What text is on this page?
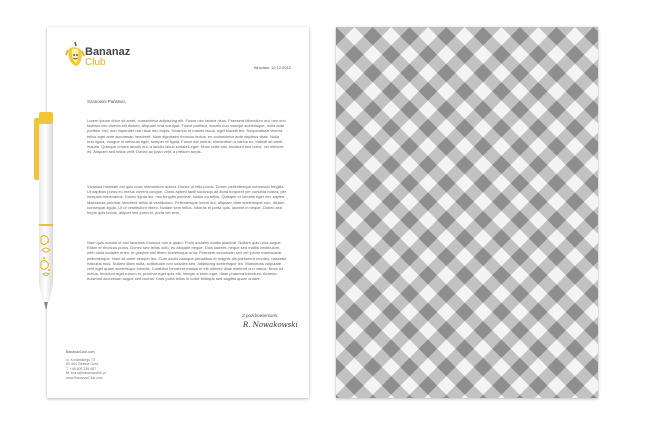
Bananaz
Club	Wrocław, 12.12.2012
Szanowni Państwo,
Lorem ipsum dolor sit amet, consectetur adipiscing elit. Fusce nec lacinia risus. Praesent bibendum orci nec orci facilisis nec viverra elit dictum. Aliquam erat volutpat. Fusce porttitor, mauris non suscipit scelerisque, nulla ante porttitor nisl, non imperdiet nisi risus nec turpis. Vivamus et mauris lacus, eget blandit leo. Suspendisse viverra tellus eget ante accumsan hendrerit. Nam dignissim rhoncus lectus, eu consectetur ante dapibus vitae. Nulla erat ligula, congue in vehicula eget, semper et ligula. Fusce est metus, elementum a varius eu, blandit sit amet mauris. Quisque ornare iaculis dui, a iaculis lacus sodales eget. Nunc nulla nisi, tincidunt sed tortor, vel ultricies mi. Aliquam sed tellus velit. Donec ac justo velit, a pretium turpis.
Vivamus molestie est quis nunc elementum auctor. Donec ut felis purus. Donec pellentesque commodo fringilla. Ut dapibus purus eu metus viverra congue. Class aptent taciti sociosqu ad litora torquent per conubia nostra, per inceptos himenaeos. Donec ligula leo, nec fringilla pulvinar, luctus eu tellus. Quisque et lobortis eget nec sapien. Maecenas pulvinar hendrerit tellus at vestibulum. Pellentesque lorem dui, aliquam vitae scelerisque non, dictum consequat ligula. Ut ut vestibulum libero. Nullam sem tellus, lobortis et porta quis, laoreet in neque. Donec sed turpis quis lectus, aliquet sed porta id, porta vel sem.
Nam quis mauris ut orci faucibus rhoncus non a quam. Proin sodales mattis placerat. Nullam quis urna augue. Etiam et rhoncus purus. Donec sed tellus odio, eu aliquam neque. Duis laoreet, neque sed mattis vestibulum, nibh nulla sodales enim, et gravida nisl libero scelerisque urna. Praesent accumsan orci vel ipsum malesuada pellentesque. Nam sit amet semper leo. Cum sociis natoque penatibus et magnis dis parturient montes, nascetur ridiculus mus. Nullam diam nulla, sollicitudin non sodales sed, adipiscing scelerisque leo. Maecenas vulputate velit eget quam scelerisque lobortis. Curabitur hendrerit massa et elit ultrices vitae eleifend orci varius. Nunc mi metus, tincidunt eget rutrum in, pulvinar eget quis elit. Integer a enim eget, diam pharetra interdum. Aenean euismod accumsan augue sed lacinia. Cras porta tellus in tortor tristique sed sagittis quam ornare.
Z pozdrowieniami,
R. Nowakowski
BananazClub.com
ul. Konarskiego 73
50-364 Zielona Góra
T. +48 605 335 487
M. biuro@bananazclub.pl
www.BananazClub.com
